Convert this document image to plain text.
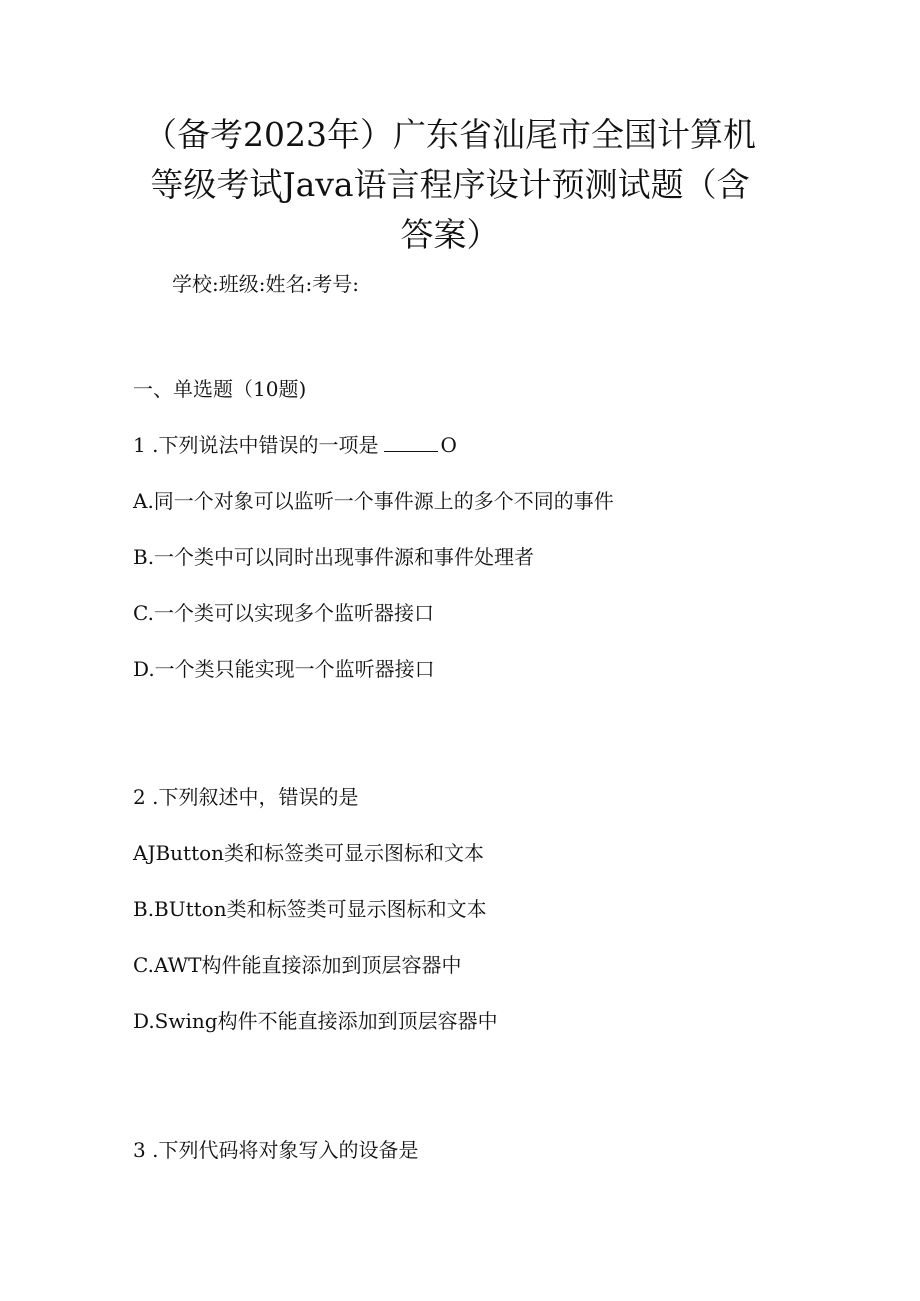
（备考2023年）广东省汕尾市全国计算机
等级考试Java语言程序设计预测试题（含
答案）
学校:班级:姓名:考号:
一、单选题（10题)
1 .下列说法中错误的一项是	O
A.同一个对象可以监听一个事件源上的多个不同的事件
B.一个类中可以同时出现事件源和事件处理者
C.一个类可以实现多个监听器接口
D.一个类只能实现一个监听器接口
2 .下列叙述中，错误的是
AJButton类和标签类可显示图标和文本
B.BUtton类和标签类可显示图标和文本
C.AWT构件能直接添加到顶层容器中
D.Swing构件不能直接添加到顶层容器中
3 .下列代码将对象写入的设备是
